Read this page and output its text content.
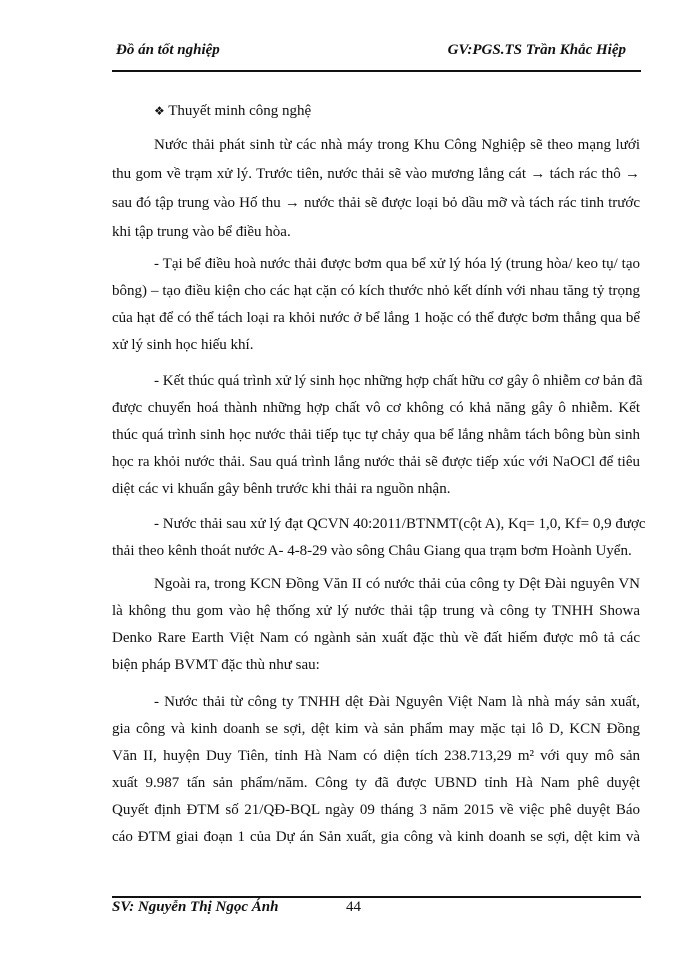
Đồ án tốt nghiệp	GV:PGS.TS Trần Khắc Hiệp
❖ Thuyết minh công nghệ
Nước thải phát sinh từ các nhà máy trong Khu Công Nghiệp sẽ theo mạng lưới
thu gom về trạm xử lý. Trước tiên, nước thải sẽ vào mương lắng cát → tách rác thô →
sau đó tập trung vào Hố thu → nước thải sẽ được loại bỏ dầu mỡ và tách rác tinh trước
khi tập trung vào bể điều hòa.
- Tại bể điều hoà nước thải được bơm qua bể xử lý hóa lý (trung hòa/ keo tụ/ tạo
bông) – tạo điều kiện cho các hạt cặn có kích thước nhỏ kết dính với nhau tăng tỷ trọng
của hạt để có thể tách loại ra khỏi nước ở bể lắng 1 hoặc có thể được bơm thẳng qua bể
xử lý sinh học hiếu khí.
- Kết thúc quá trình xử lý sinh học những hợp chất hữu cơ gây ô nhiễm cơ bản đã
được chuyển hoá thành những hợp chất vô cơ không có khả năng gây ô nhiễm. Kết
thúc quá trình sinh học nước thải tiếp tục tự chảy qua bể lắng nhằm tách bông bùn sinh
học ra khỏi nước thải. Sau quá trình lắng nước thải sẽ được tiếp xúc với NaOCl để tiêu
diệt các vi khuẩn gây bênh trước khi thải ra nguồn nhận.
- Nước thải sau xử lý đạt QCVN 40:2011/BTNMT(cột A), Kq= 1,0, Kf= 0,9 được
thải theo kênh thoát nước A- 4-8-29 vào sông Châu Giang qua trạm bơm Hoành Uyển.
Ngoài ra, trong KCN Đồng Văn II có nước thải của công ty Dệt Đài nguyên VN
là không thu gom vào hệ thống xử lý nước thải tập trung và công ty TNHH Showa
Denko Rare Earth Việt Nam có ngành sản xuất đặc thù về đất hiếm được mô tả các
biện pháp BVMT đặc thù như sau:
- Nước thải từ công ty TNHH dệt Đài Nguyên Việt Nam là nhà máy sản xuất,
gia công và kinh doanh se sợi, dệt kim và sản phẩm may mặc tại lô D, KCN Đồng
Văn II, huyện Duy Tiên, tỉnh Hà Nam có diện tích 238.713,29 m² với quy mô sản
xuất 9.987 tấn sản phẩm/năm. Công ty đã được UBND tỉnh Hà Nam phê duyệt
Quyết định ĐTM số 21/QĐ-BQL ngày 09 tháng 3 năm 2015 về việc phê duyệt Báo
cáo ĐTM giai đoạn 1 của Dự án Sản xuất, gia công và kinh doanh se sợi, dệt kim và
SV: Nguyễn Thị Ngọc Ánh	44
